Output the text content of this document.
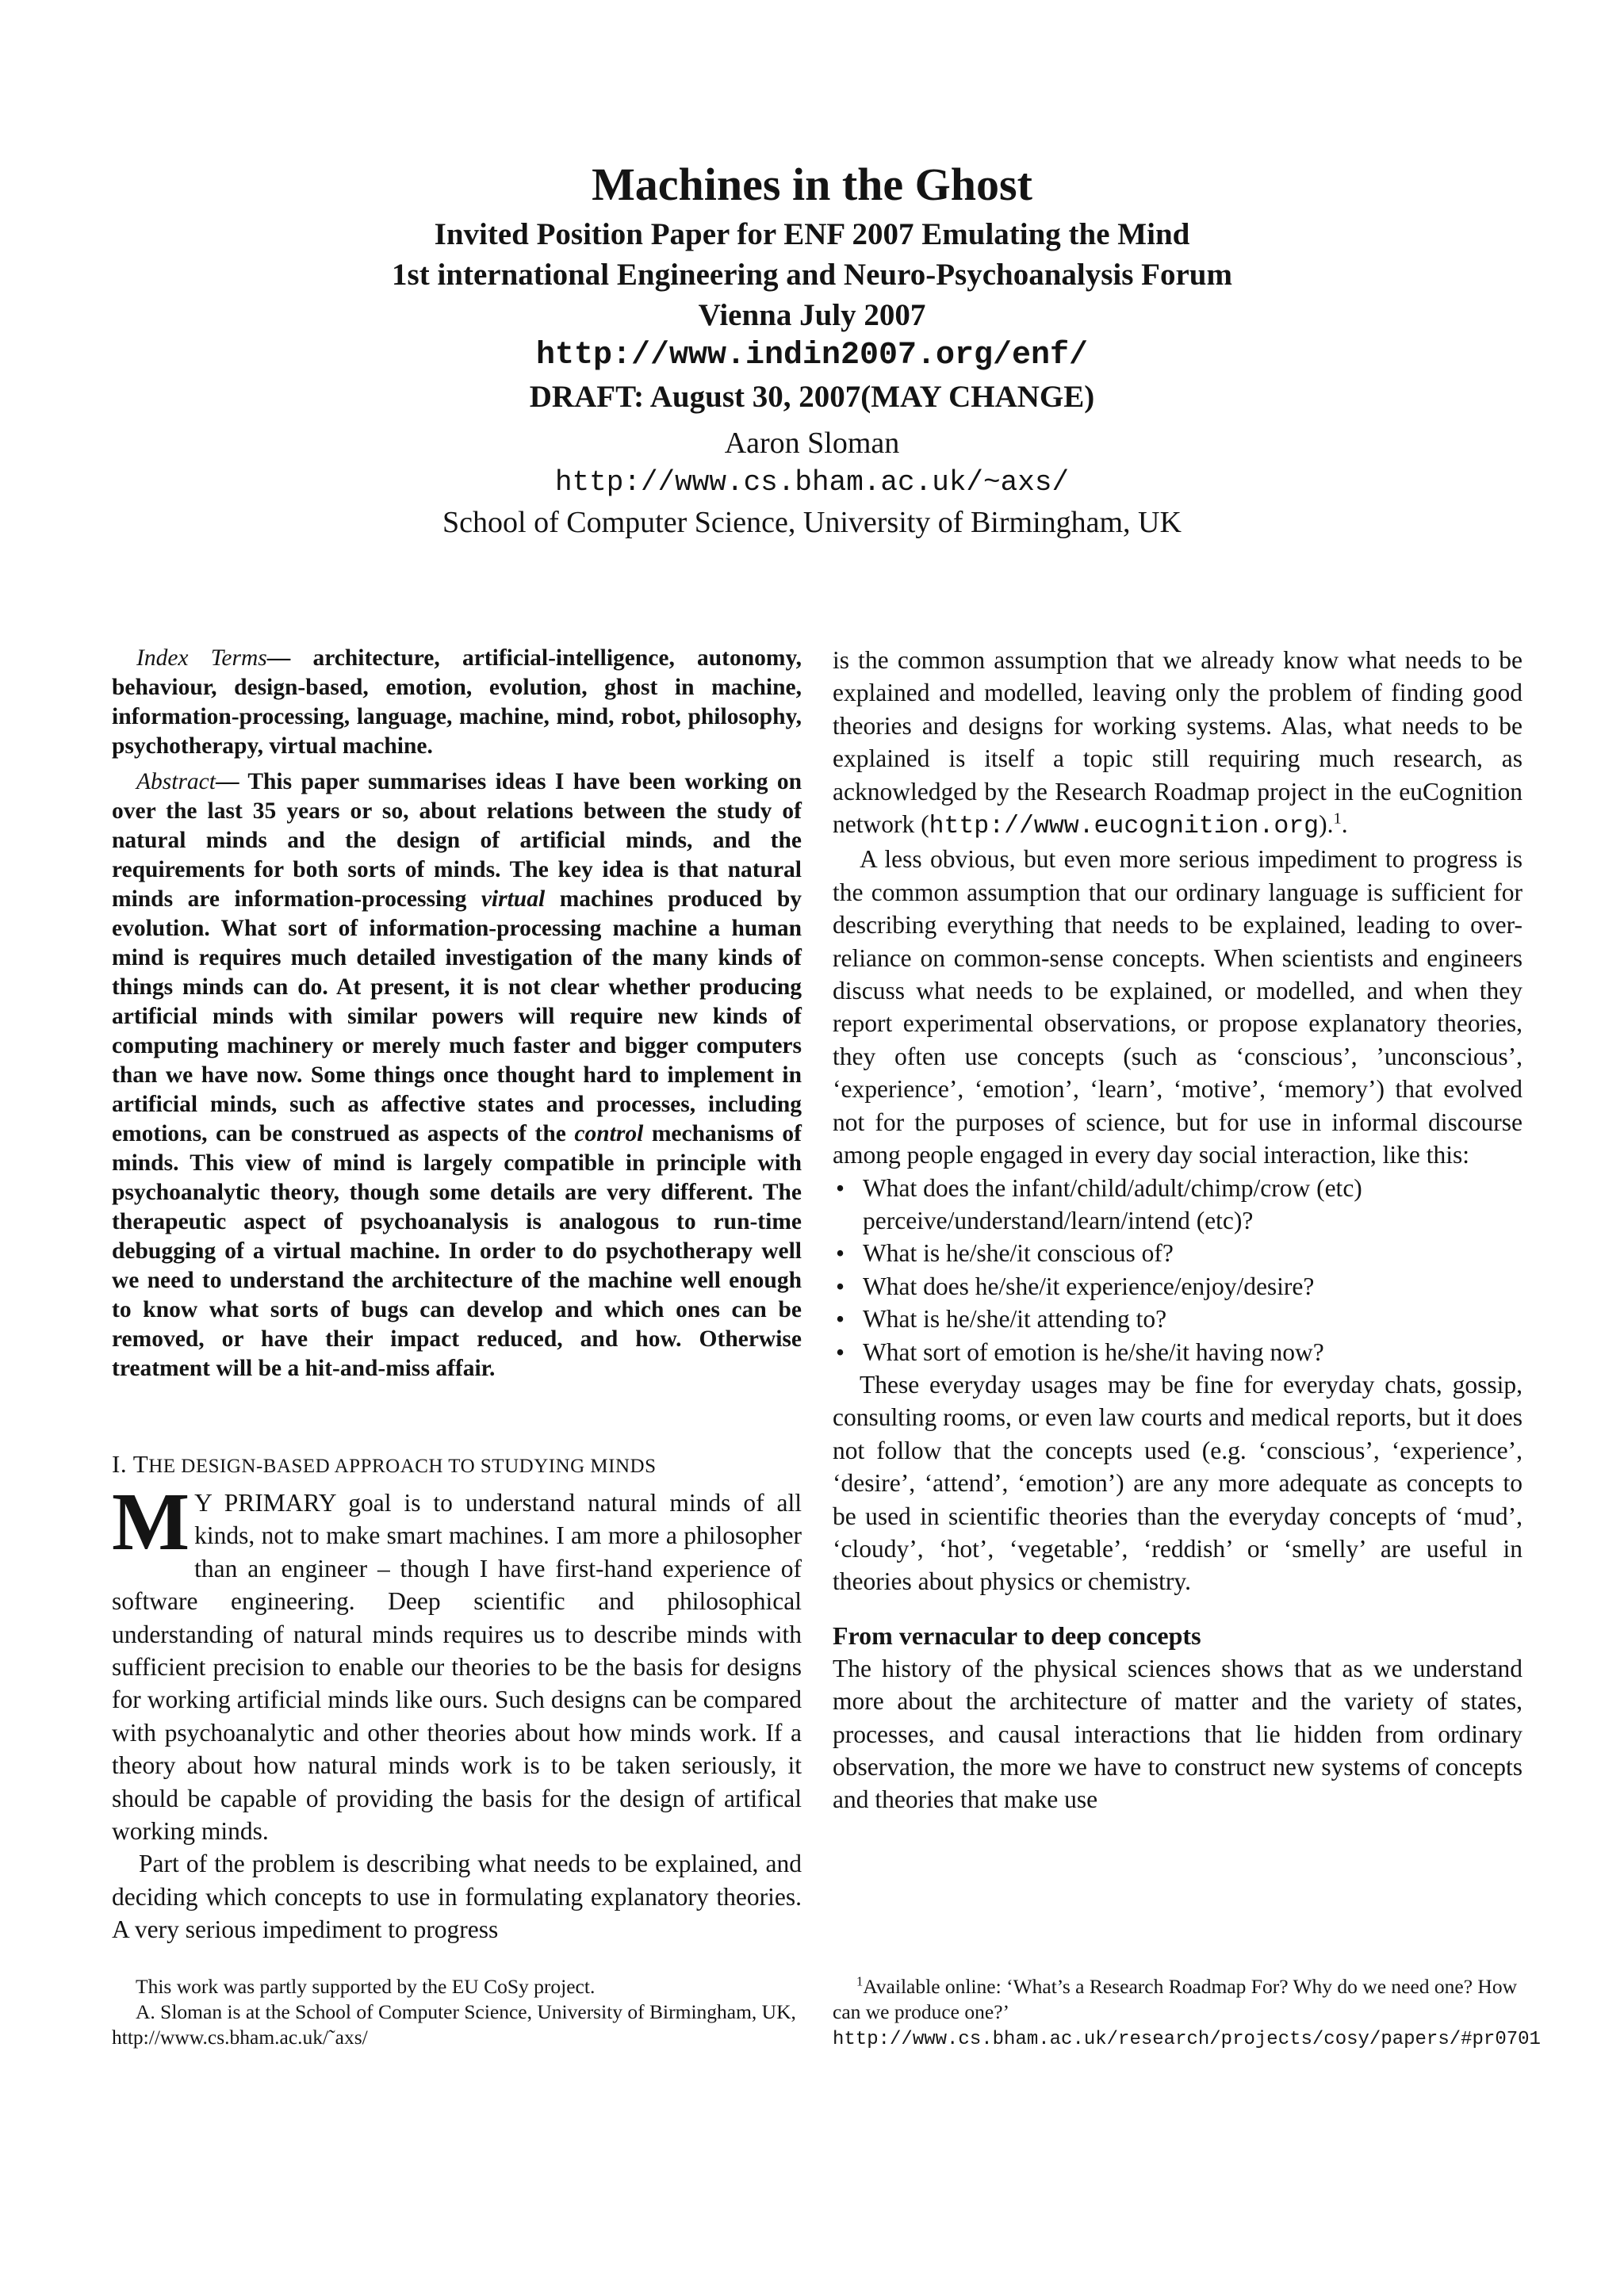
Machines in the Ghost
Invited Position Paper for ENF 2007 Emulating the Mind
1st international Engineering and Neuro-Psychoanalysis Forum
Vienna July 2007
http://www.indin2007.org/enf/
DRAFT: August 30, 2007(MAY CHANGE)
Aaron Sloman
http://www.cs.bham.ac.uk/~axs/
School of Computer Science, University of Birmingham, UK

Index Terms— architecture, artificial-intelligence, autonomy, behaviour, design-based, emotion, evolution, ghost in machine, information-processing, language, machine, mind, robot, philosophy, psychotherapy, virtual machine.

Abstract— This paper summarises ideas I have been working on over the last 35 years or so, about relations between the study of natural minds and the design of artificial minds, and the requirements for both sorts of minds. The key idea is that natural minds are information-processing virtual machines produced by evolution. What sort of information-processing machine a human mind is requires much detailed investigation of the many kinds of things minds can do. At present, it is not clear whether producing artificial minds with similar powers will require new kinds of computing machinery or merely much faster and bigger computers than we have now. Some things once thought hard to implement in artificial minds, such as affective states and processes, including emotions, can be construed as aspects of the control mechanisms of minds. This view of mind is largely compatible in principle with psychoanalytic theory, though some details are very different. The therapeutic aspect of psychoanalysis is analogous to run-time debugging of a virtual machine. In order to do psychotherapy well we need to understand the architecture of the machine well enough to know what sorts of bugs can develop and which ones can be removed, or have their impact reduced, and how. Otherwise treatment will be a hit-and-miss affair.

I. THE DESIGN-BASED APPROACH TO STUDYING MINDS

M Y PRIMARY goal is to understand natural minds of all kinds, not to make smart machines. I am more a philosopher than an engineer – though I have first-hand experience of software engineering. Deep scientific and philosophical understanding of natural minds requires us to describe minds with sufficient precision to enable our theories to be the basis for designs for working artificial minds like ours. Such designs can be compared with psychoanalytic and other theories about how minds work. If a theory about how natural minds work is to be taken seriously, it should be capable of providing the basis for the design of artifical working minds.

Part of the problem is describing what needs to be explained, and deciding which concepts to use in formulating explanatory theories. A very serious impediment to progress

is the common assumption that we already know what needs to be explained and modelled, leaving only the problem of finding good theories and designs for working systems. Alas, what needs to be explained is itself a topic still requiring much research, as acknowledged by the Research Roadmap project in the euCognition network (http://www.eucognition.org).$^1$.

A less obvious, but even more serious impediment to progress is the common assumption that our ordinary language is sufficient for describing everything that needs to be explained, leading to over-reliance on common-sense concepts. When scientists and engineers discuss what needs to be explained, or modelled, and when they report experimental observations, or propose explanatory theories, they often use concepts (such as ‘conscious’, ’unconscious’, ‘experience’, ‘emotion’, ‘learn’, ‘motive’, ‘memory’) that evolved not for the purposes of science, but for use in informal discourse among people engaged in every day social interaction, like this:

• What does the infant/child/adult/chimp/crow (etc) perceive/understand/learn/intend (etc)?
• What is he/she/it conscious of?
• What does he/she/it experience/enjoy/desire?
• What is he/she/it attending to?
• What sort of emotion is he/she/it having now?

These everyday usages may be fine for everyday chats, gossip, consulting rooms, or even law courts and medical reports, but it does not follow that the concepts used (e.g. ‘conscious’, ‘experience’, ‘desire’, ‘attend’, ‘emotion’) are any more adequate as concepts to be used in scientific theories than the everyday concepts of ‘mud’, ‘cloudy’, ‘hot’, ‘vegetable’, ‘reddish’ or ‘smelly’ are useful in theories about physics or chemistry.

From vernacular to deep concepts

The history of the physical sciences shows that as we understand more about the architecture of matter and the variety of states, processes, and causal interactions that lie hidden from ordinary observation, the more we have to construct new systems of concepts and theories that make use

This work was partly supported by the EU CoSy project.

A. Sloman is at the School of Computer Science, University of Birmingham, UK, http://www.cs.bham.ac.uk/˜axs/

$^1$Available online: ‘What’s a Research Roadmap For? Why do we need one? How can we produce one?’ http://www.cs.bham.ac.uk/research/projects/cosy/papers/#pr0701
